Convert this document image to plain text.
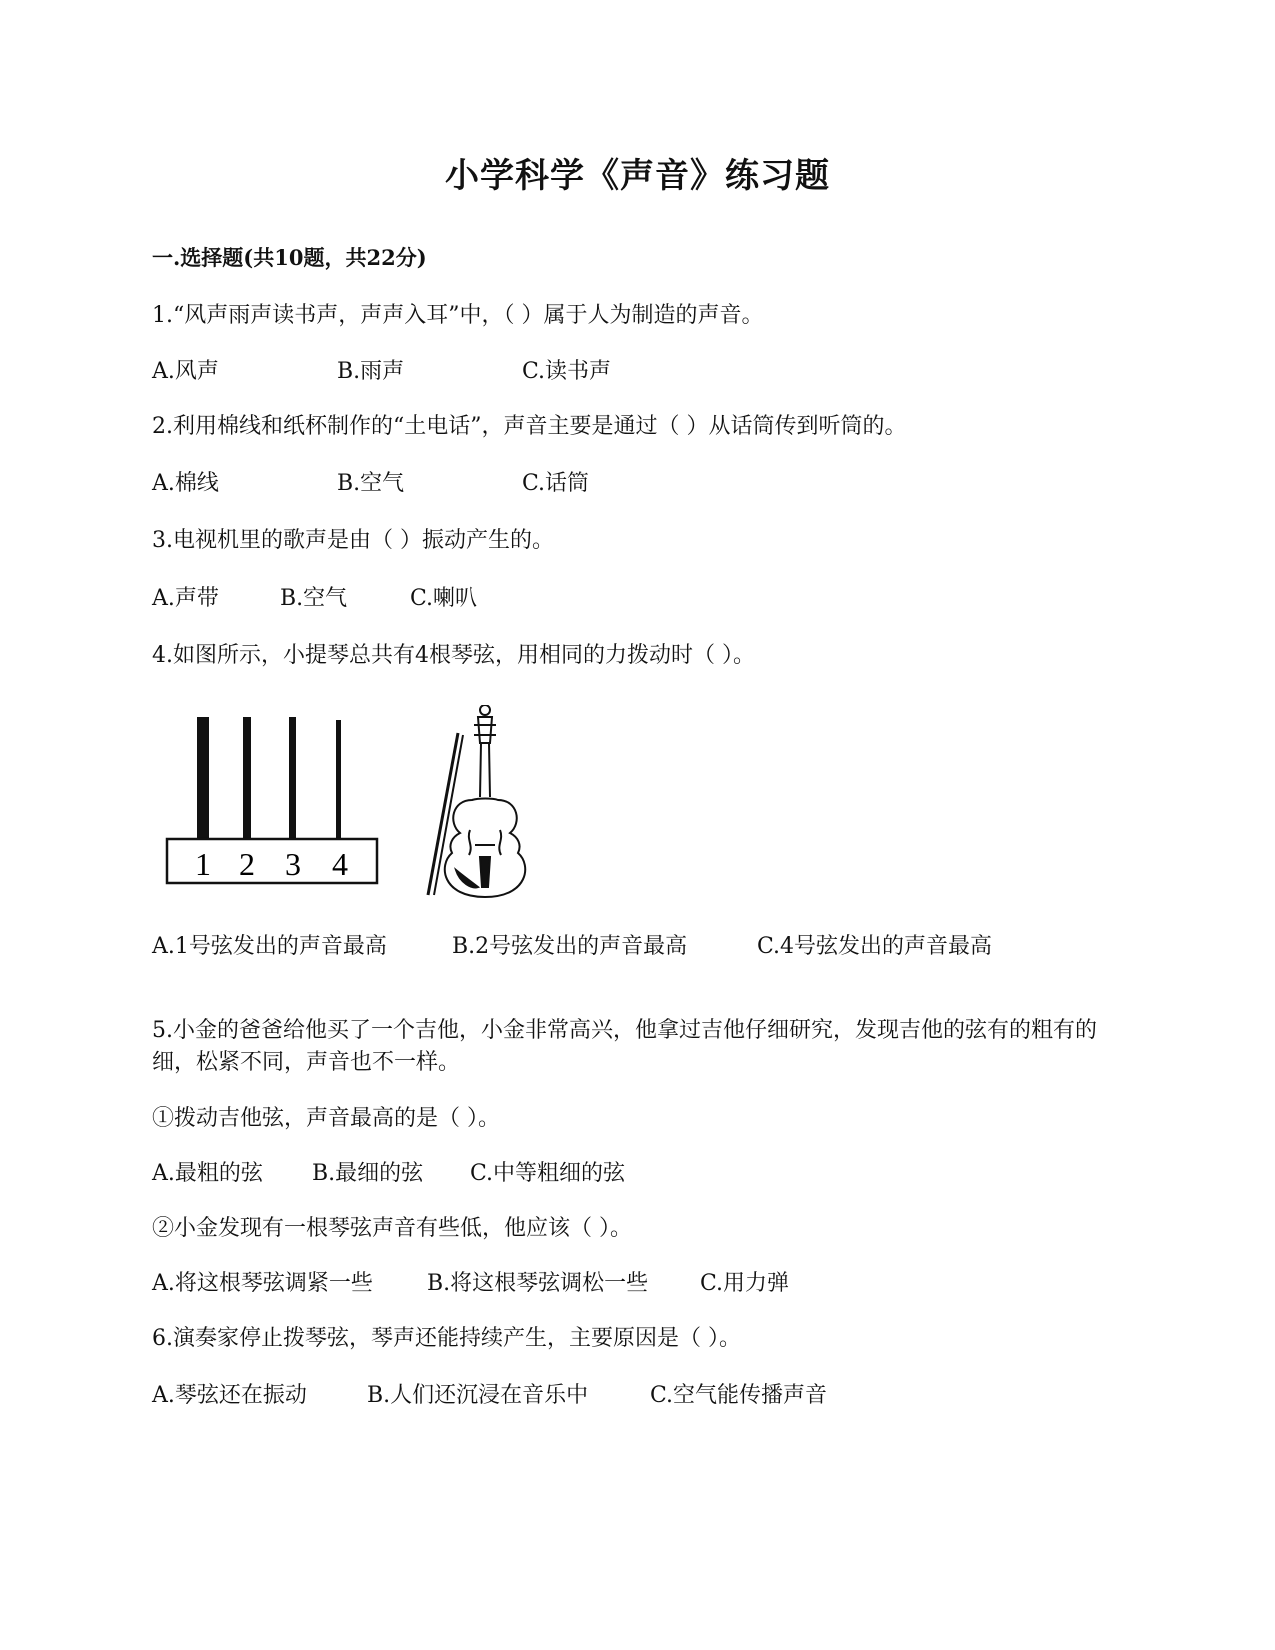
小学科学《声音》练习题
一.选择题(共10题，共22分)
1.“风声雨声读书声，声声入耳”中，（ ）属于人为制造的声音。
A.风声	B.雨声	C.读书声
2.利用棉线和纸杯制作的“土电话”，声音主要是通过（ ）从话筒传到听筒的。
A.棉线	B.空气	C.话筒
3.电视机里的歌声是由（ ）振动产生的。
A.声带	B.空气	C.喇叭
4.如图所示，小提琴总共有4根琴弦，用相同的力拨动时（ ）。
1 2 3 4
A.1号弦发出的声音最高	B.2号弦发出的声音最高	C.4号弦发出的声音最高
5.小金的爸爸给他买了一个吉他，小金非常高兴，他拿过吉他仔细研究，发现吉他的弦有的粗有的细，松紧不同，声音也不一样。
①拨动吉他弦，声音最高的是（ ）。
A.最粗的弦 B.最细的弦 C.中等粗细的弦
②小金发现有一根琴弦声音有些低，他应该（ ）。
A.将这根琴弦调紧一些 B.将这根琴弦调松一些 C.用力弹
6.演奏家停止拨琴弦，琴声还能持续产生，主要原因是（ ）。
A.琴弦还在振动	B.人们还沉浸在音乐中	C.空气能传播声音
